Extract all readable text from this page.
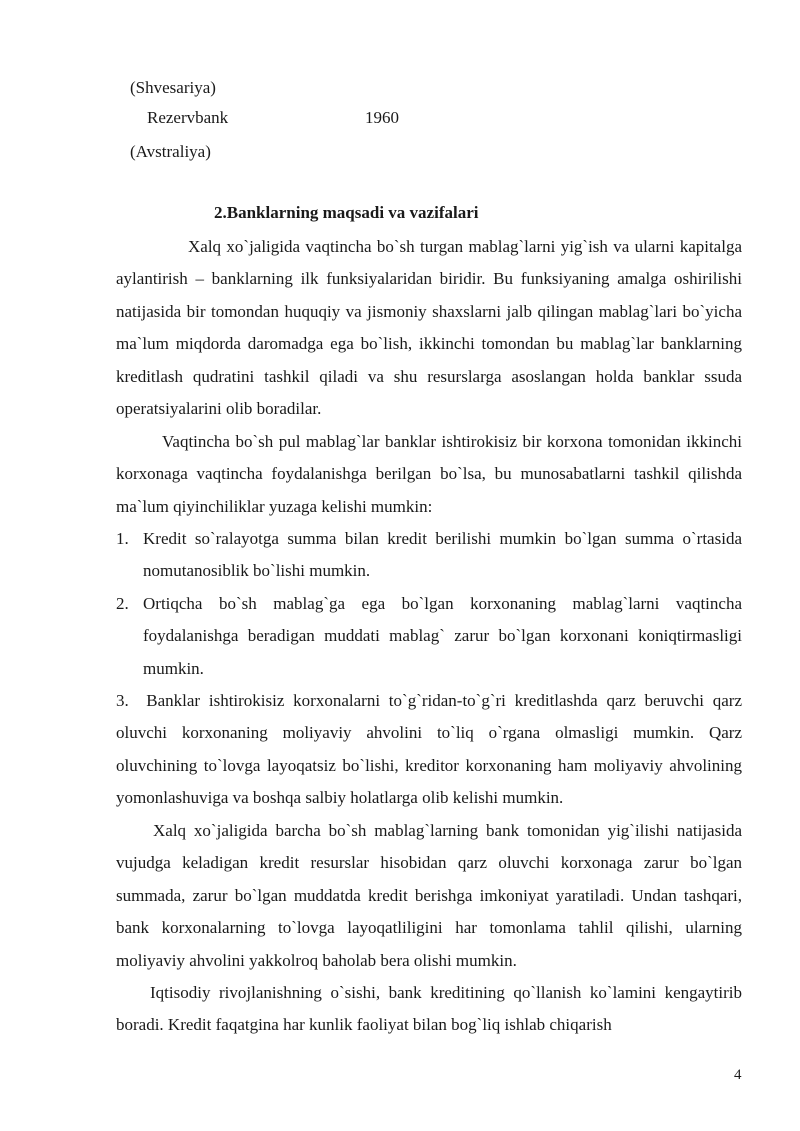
(Shvesariya)
Rezervbank	1960
(Avstraliya)
2.Banklarning maqsadi va vazifalari

Xalq xo`jaligida vaqtincha bo`sh turgan mablag`larni yig`ish va ularni kapitalga aylantirish – banklarning ilk funksiyalaridan biridir. Bu funksiyaning amalga oshirilishi natijasida bir tomondan huquqiy va jismoniy shaxslarni jalb qilingan mablag`lari bo`yicha ma`lum miqdorda daromadga ega bo`lish, ikkinchi tomondan bu mablag`lar banklarning kreditlash qudratini tashkil qiladi va shu resurslarga asoslangan holda banklar ssuda operatsiyalarini olib boradilar.

Vaqtincha bo`sh pul mablag`lar banklar ishtirokisiz bir korxona tomonidan ikkinchi korxonaga vaqtincha foydalanishga berilgan bo`lsa, bu munosabatlarni tashkil qilishda ma`lum qiyinchiliklar yuzaga kelishi mumkin:

1. Kredit so`ralayotga summa bilan kredit berilishi mumkin bo`lgan summa o`rtasida nomutanosiblik bo`lishi mumkin.
2. Ortiqcha bo`sh mablag`ga ega bo`lgan korxonaning mablag`larni vaqtincha foydalanishga beradigan muddati mablag` zarur bo`lgan korxonani koniqtirmasligi mumkin.

3. Banklar ishtirokisiz korxonalarni to`g`ridan-to`g`ri kreditlashda qarz beruvchi qarz oluvchi korxonaning moliyaviy ahvolini to`liq o`rgana olmasligi mumkin. Qarz oluvchining to`lovga layoqatsiz bo`lishi, kreditor korxonaning ham moliyaviy ahvolining yomonlashuviga va boshqa salbiy holatlarga olib kelishi mumkin.

Xalq xo`jaligida barcha bo`sh mablag`larning bank tomonidan yig`ilishi natijasida vujudga keladigan kredit resurslar hisobidan qarz oluvchi korxonaga zarur bo`lgan summada, zarur bo`lgan muddatda kredit berishga imkoniyat yaratiladi. Undan tashqari, bank korxonalarning to`lovga layoqatliligini har tomonlama tahlil qilishi, ularning moliyaviy ahvolini yakkolroq baholab bera olishi mumkin.

Iqtisodiy rivojlanishning o`sishi, bank kreditining qo`llanish ko`lamini kengaytirib boradi. Kredit faqatgina har kunlik faoliyat bilan bog`liq ishlab chiqarish

4
